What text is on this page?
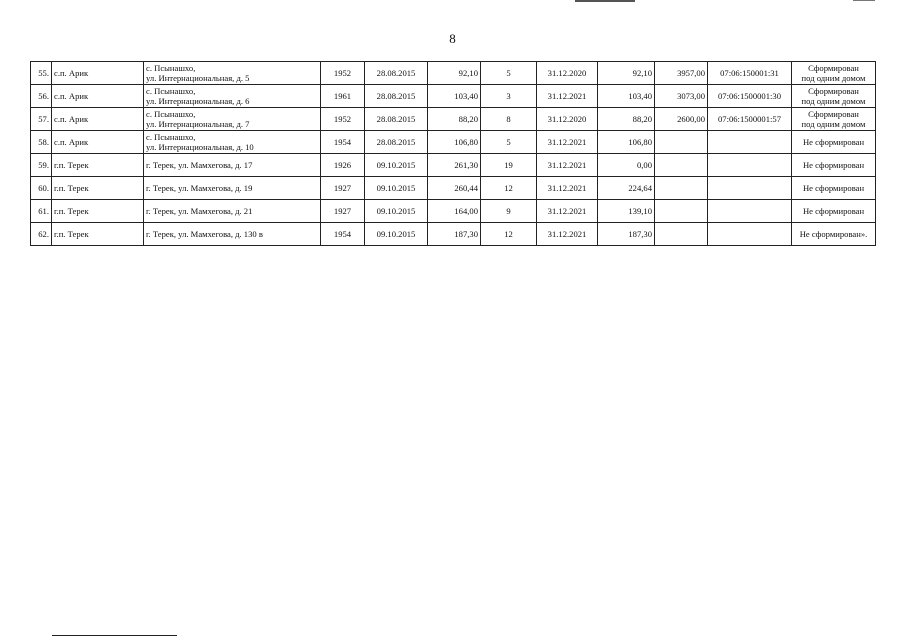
8
55.	с.п. Арик	с. Псынашхо,
ул. Интернациональная, д. 5	1952	28.08.2015	92,10	5	31.12.2020	92,10	3957,00	07:06:150001:31	Сформирован
под одним домом

56.	с.п. Арик	с. Псынашхо,
ул. Интернациональная, д. 6	1961	28.08.2015	103,40	3	31.12.2021	103,40	3073,00	07:06:1500001:30	Сформирован
под одним домом

57.	с.п. Арик	с. Псынашхо,
ул. Интернациональная, д. 7	1952	28.08.2015	88,20	8	31.12.2020	88,20	2600,00	07:06:1500001:57	Сформирован
под одним домом

58.	с.п. Арик	с. Псынашхо,
ул. Интернациональная, д. 10	1954	28.08.2015	106,80	5	31.12.2021	106,80			Не сформирован

59.	г.п. Терек	г. Терек, ул. Мамхегова, д. 17	1926	09.10.2015	261,30	19	31.12.2021	0,00			Не сформирован

60.	г.п. Терек	г. Терек, ул. Мамхегова, д. 19	1927	09.10.2015	260,44	12	31.12.2021	224,64			Не сформирован

61.	г.п. Терек	г. Терек, ул. Мамхегова, д. 21	1927	09.10.2015	164,00	9	31.12.2021	139,10			Не сформирован

62.	г.п. Терек	г. Терек, ул. Мамхегова, д. 130 в	1954	09.10.2015	187,30	12	31.12.2021	187,30			Не сформирован».
